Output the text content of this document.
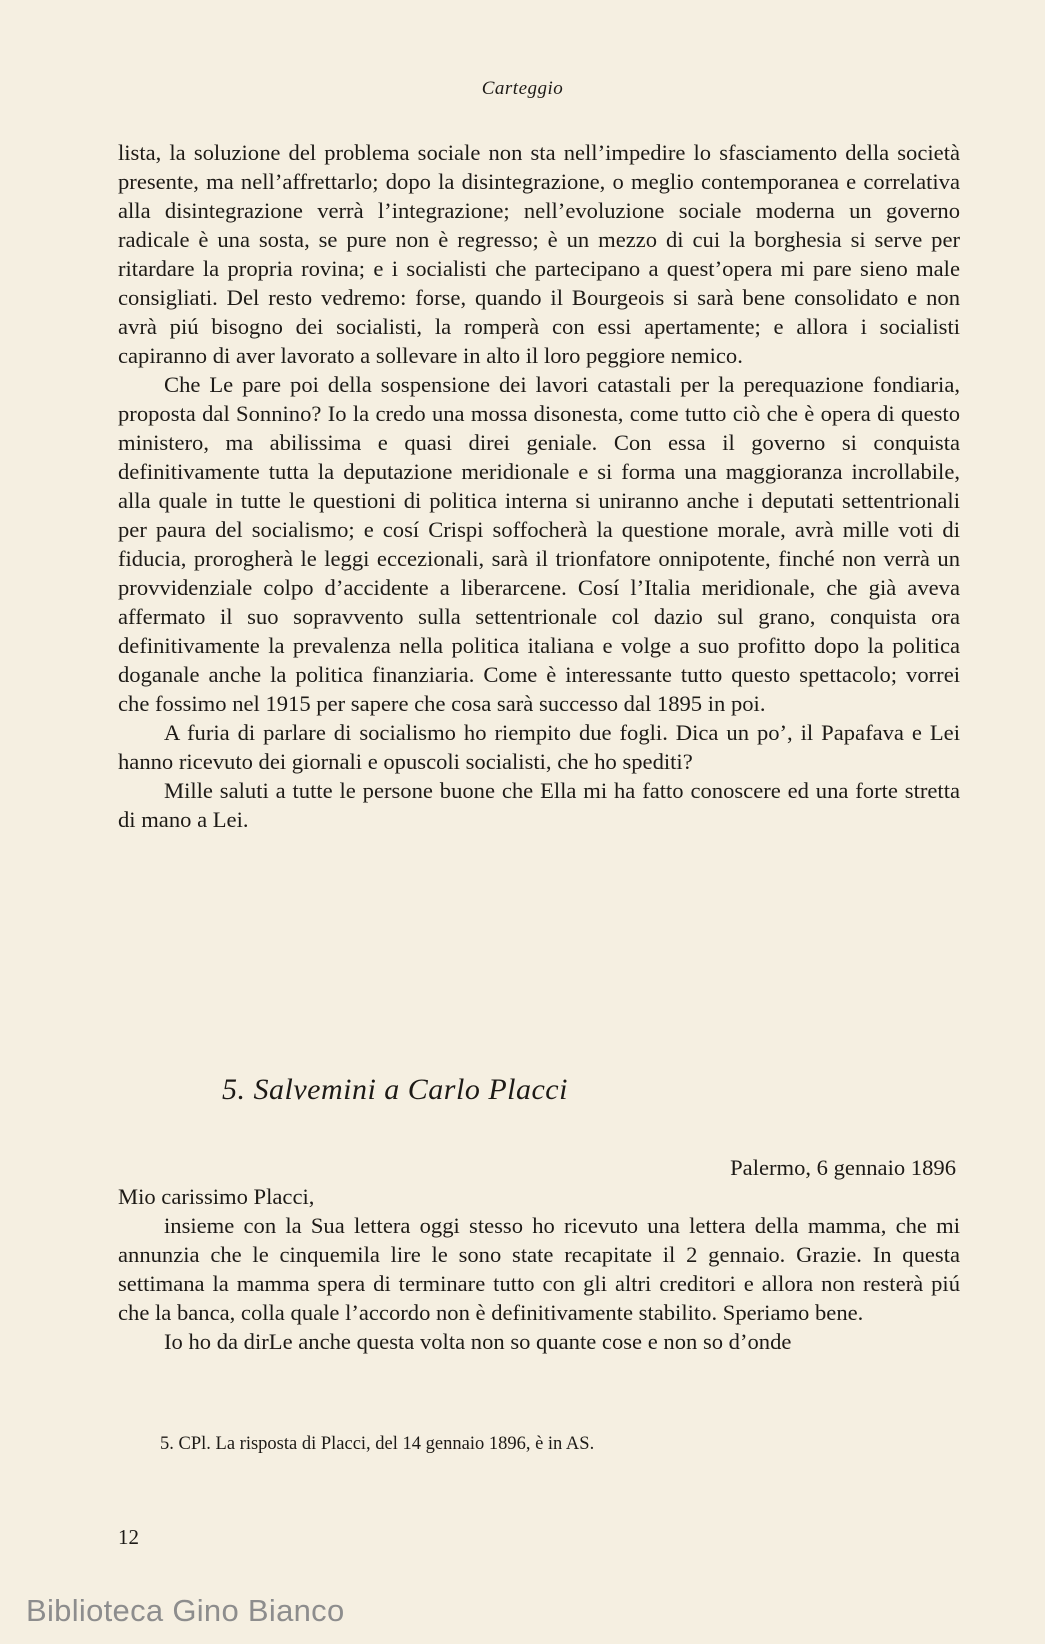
Carteggio

lista, la soluzione del problema sociale non sta nell’impedire lo sfasciamento della società presente, ma nell’affrettarlo; dopo la disintegrazione, o meglio contemporanea e correlativa alla disintegrazione verrà l’integrazione; nell’evoluzione sociale moderna un governo radicale è una sosta, se pure non è regresso; è un mezzo di cui la borghesia si serve per ritardare la propria rovina; e i socialisti che partecipano a quest’opera mi pare sieno male consigliati. Del resto vedremo: forse, quando il Bourgeois si sarà bene consolidato e non avrà piú bisogno dei socialisti, la romperà con essi apertamente; e allora i socialisti capiranno di aver lavorato a sollevare in alto il loro peggiore nemico.

Che Le pare poi della sospensione dei lavori catastali per la perequazione fondiaria, proposta dal Sonnino? Io la credo una mossa disonesta, come tutto ciò che è opera di questo ministero, ma abilissima e quasi direi geniale. Con essa il governo si conquista definitivamente tutta la deputazione meridionale e si forma una maggioranza incrollabile, alla quale in tutte le questioni di politica interna si uniranno anche i deputati settentrionali per paura del socialismo; e cosí Crispi soffocherà la questione morale, avrà mille voti di fiducia, prorogherà le leggi eccezionali, sarà il trionfatore onnipotente, finché non verrà un provvidenziale colpo d’accidente a liberarcene. Cosí l’Italia meridionale, che già aveva affermato il suo sopravvento sulla settentrionale col dazio sul grano, conquista ora definitivamente la prevalenza nella politica italiana e volge a suo profitto dopo la politica doganale anche la politica finanziaria. Come è interessante tutto questo spettacolo; vorrei che fossimo nel 1915 per sapere che cosa sarà successo dal 1895 in poi.

A furia di parlare di socialismo ho riempito due fogli. Dica un po’, il Papafava e Lei hanno ricevuto dei giornali e opuscoli socialisti, che ho spediti?

Mille saluti a tutte le persone buone che Ella mi ha fatto conoscere ed una forte stretta di mano a Lei.

5. Salvemini a Carlo Placci

Palermo, 6 gennaio 1896

Mio carissimo Placci,

insieme con la Sua lettera oggi stesso ho ricevuto una lettera della mamma, che mi annunzia che le cinquemila lire le sono state recapitate il 2 gennaio. Grazie. In questa settimana la mamma spera di terminare tutto con gli altri creditori e allora non resterà piú che la banca, colla quale l’accordo non è definitivamente stabilito. Speriamo bene.

Io ho da dirLe anche questa volta non so quante cose e non so d’onde

5. CPl. La risposta di Placci, del 14 gennaio 1896, è in AS.
12
Biblioteca Gino Bianco
